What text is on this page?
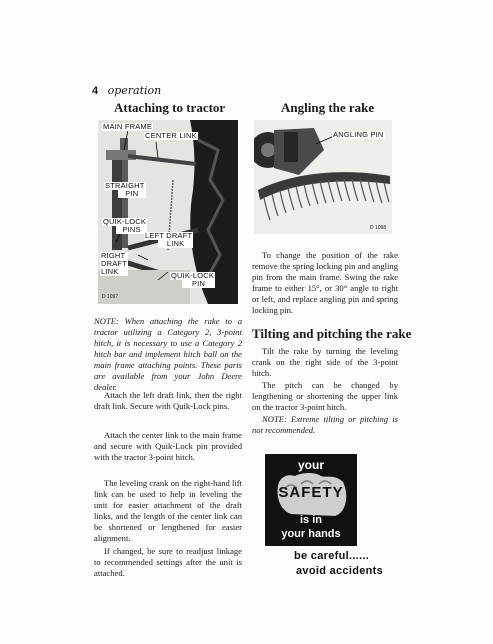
4 operation
Attaching to tractor	Angling the rake
MAIN FRAME
CENTER LINK
STRAIGHT
PIN
QUIK-LOCK
PINS
LEFT DRAFT
LINK
RIGHT
DRAFT
LINK	QUIK-LOCK
PIN
D 1097
ANGLING PIN
D 1098

NOTE: When attaching the rake to a tractor utilizing a Category 2, 3-point hitch, it is necessary to use a Category 2 hitch bar and implement hitch ball on the main frame attaching points. These parts are available from your John Deere dealer.

Attach the left draft link, then the right draft link. Secure with Quik-Lock pins.

Attach the center link to the main frame and secure with Quik-Lock pin provided with the tractor 3-point hitch.

The leveling crank on the right-hand lift link can be used to help in leveling the unit for easier attachment of the draft links, and the length of the center link can be shortened or lengthened for easier alignment.

If changed, be sure to readjust linkage to recommended settings after the unit is attached.

To change the position of the rake remove the spring locking pin and angling pin from the main frame. Swing the rake frame to either 15°, or 30° angle to right or left, and replace angling pin and spring locking pin.

Tilting and pitching the rake

Tilt the rake by turning the leveling crank on the right side of the 3-point hitch.

The pitch can be changed by lengthening or shortening the upper link on the tractor 3-point hitch.

NOTE: Extreme tilting or pitching is not recommended.

your
SAFETY
is in
your hands
be careful......
avoid accidents
